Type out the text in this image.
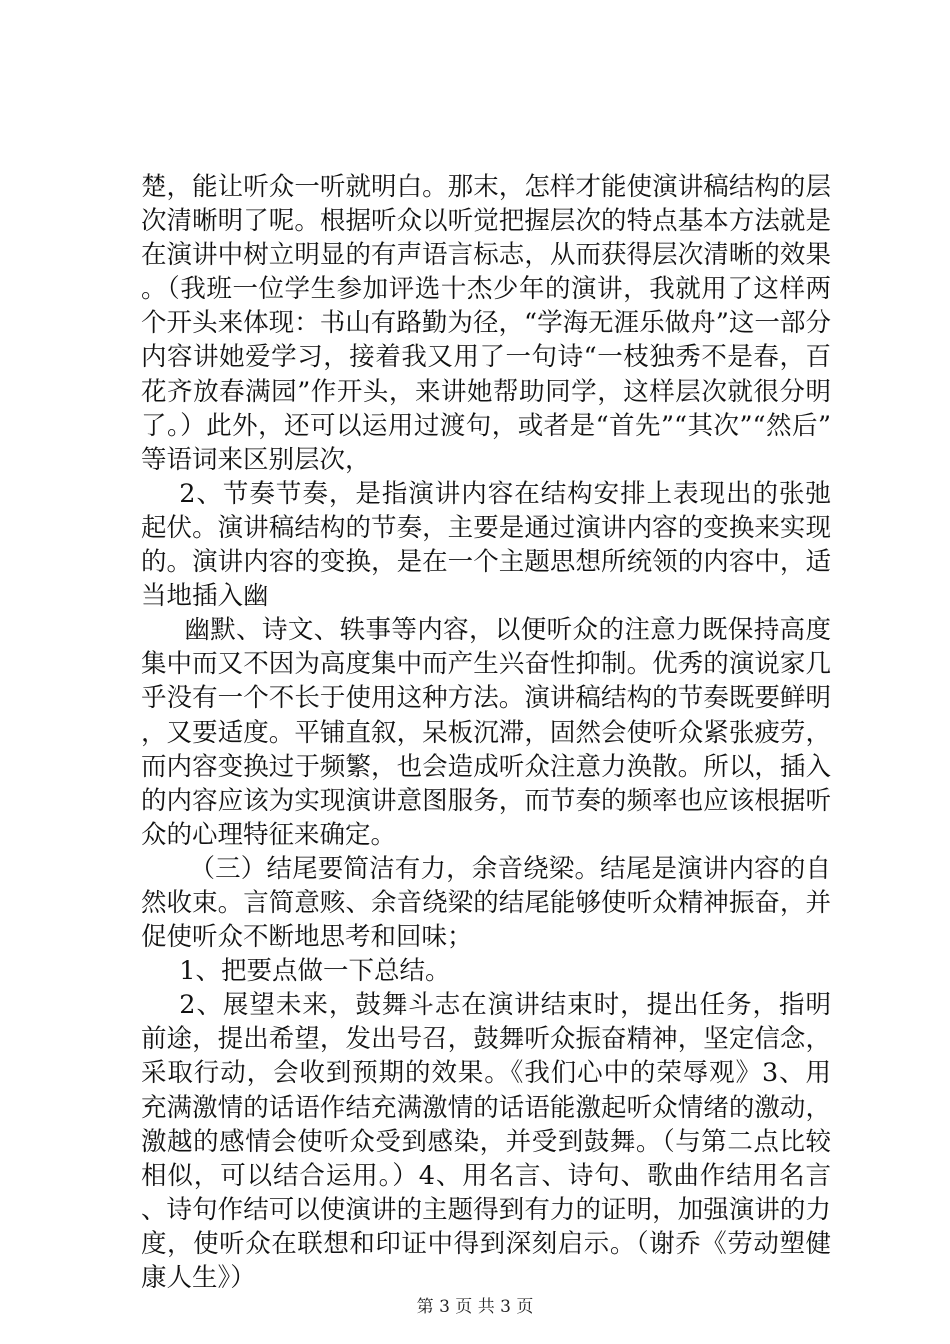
楚，能让听众一听就明白。那末，怎样才能使演讲稿结构的层次清晰明了呢。根据听众以听觉把握层次的特点基本方法就是在演讲中树立明显的有声语言标志，从而获得层次清晰的效果。（我班一位学生参加评选十杰少年的演讲，我就用了这样两个开头来体现：书山有路勤为径，“学海无涯乐做舟”这一部分内容讲她爱学习，接着我又用了一句诗“一枝独秀不是春，百花齐放春满园”作开头，来讲她帮助同学，这样层次就很分明了。）此外，还可以运用过渡句，或者是“首先”“其次”“然后”等语词来区别层次，

2、节奏节奏，是指演讲内容在结构安排上表现出的张弛起伏。演讲稿结构的节奏，主要是通过演讲内容的变换来实现的。演讲内容的变换，是在一个主题思想所统领的内容中，适当地插入幽

幽默、诗文、轶事等内容，以便听众的注意力既保持高度集中而又不因为高度集中而产生兴奋性抑制。优秀的演说家几乎没有一个不长于使用这种方法。演讲稿结构的节奏既要鲜明，又要适度。平铺直叙，呆板沉滞，固然会使听众紧张疲劳，而内容变换过于频繁，也会造成听众注意力涣散。所以，插入的内容应该为实现演讲意图服务，而节奏的频率也应该根据听众的心理特征来确定。

（三）结尾要简洁有力，余音绕梁。结尾是演讲内容的自然收束。言简意赅、余音绕梁的结尾能够使听众精神振奋，并促使听众不断地思考和回味；

1、把要点做一下总结。

2、展望未来，鼓舞斗志在演讲结束时，提出任务，指明前途，提出希望，发出号召，鼓舞听众振奋精神，坚定信念，采取行动，会收到预期的效果。《我们心中的荣辱观》3、用充满激情的话语作结充满激情的话语能激起听众情绪的激动，激越的感情会使听众受到感染，并受到鼓舞。（与第二点比较相似，可以结合运用。）4、用名言、诗句、歌曲作结用名言、诗句作结可以使演讲的主题得到有力的证明，加强演讲的力度，使听众在联想和印证中得到深刻启示。（谢乔《劳动塑健康人生》）

第 3 页 共 3 页
